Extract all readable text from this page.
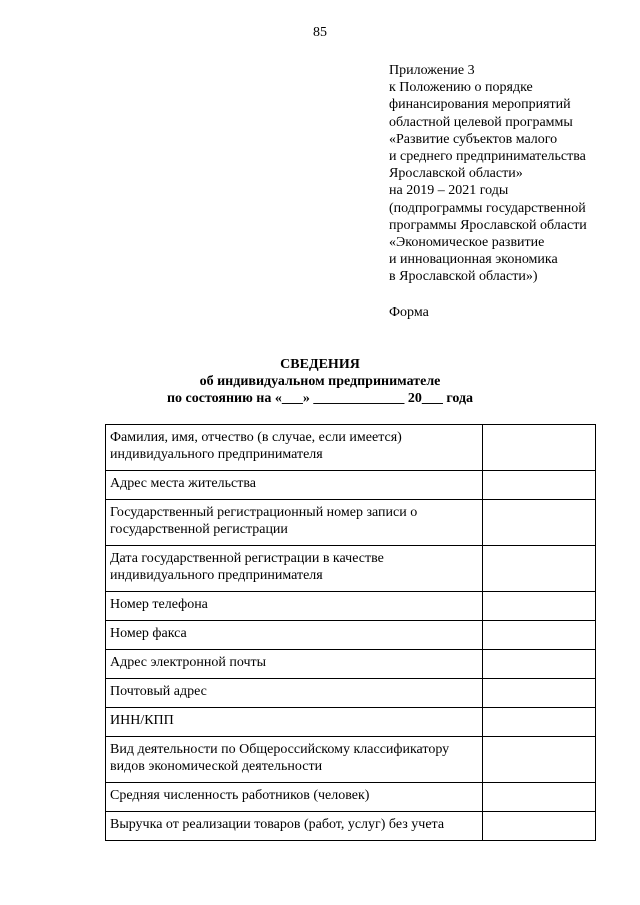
85
Приложение 3
к Положению о порядке
финансирования мероприятий
областной целевой программы
«Развитие субъектов малого
и среднего предпринимательства
Ярославской области»
на 2019 – 2021 годы
(подпрограммы государственной
программы Ярославской области
«Экономическое развитие
и инновационная экономика
в Ярославской области»)
Форма
СВЕДЕНИЯ
об индивидуальном предпринимателе
по состоянию на «___» _____________ 20___ года
Фамилия, имя, отчество (в случае, если имеется) индивидуального предпринимателя	
Адрес места жительства	
Государственный регистрационный номер записи о государственной регистрации	
Дата государственной регистрации в качестве индивидуального предпринимателя	
Номер телефона	
Номер факса	
Адрес электронной почты	
Почтовый адрес	
ИНН/КПП	
Вид деятельности по Общероссийскому классификатору видов экономической деятельности	
Средняя численность работников (человек)	
Выручка от реализации товаров (работ, услуг) без учета	
